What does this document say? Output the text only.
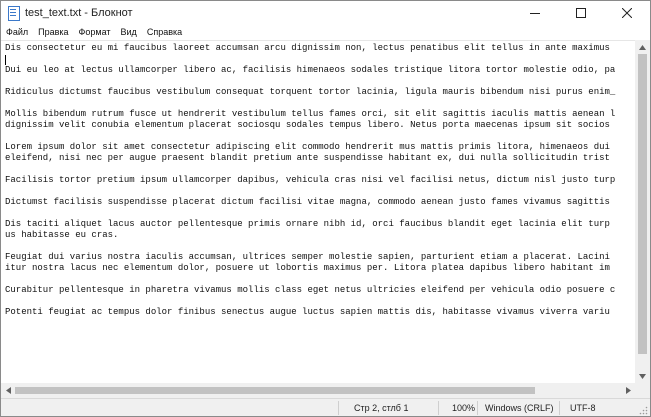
test_text.txt - Блокнот
Файл	Правка	Формат	Вид	Справка
Dis consectetur eu mi faucibus laoreet accumsan arcu dignissim non, lectus penatibus elit tellus in ante maximus
Dui eu leo at lectus ullamcorper libero ac, facilisis himenaeos sodales tristique litora tortor molestie odio, pa
Ridiculus dictumst faucibus vestibulum consequat torquent tortor lacinia, ligula mauris bibendum nisi purus enim_
Mollis bibendum rutrum fusce ut hendrerit vestibulum tellus fames orci, sit elit sagittis iaculis mattis aenean l
dignissim velit conubia elementum placerat sociosqu sodales tempus libero. Netus porta maecenas ipsum sit socios
Lorem ipsum dolor sit amet consectetur adipiscing elit commodo hendrerit mus mattis primis litora, himenaeos dui
eleifend, nisi nec per augue praesent blandit pretium ante suspendisse habitant ex, dui nulla sollicitudin trist
Facilisis tortor pretium ipsum ullamcorper dapibus, vehicula cras nisi vel facilisi netus, dictum nisl justo turp
Dictumst facilisis suspendisse placerat dictum facilisi vitae magna, commodo aenean justo fames vivamus sagittis
Dis taciti aliquet lacus auctor pellentesque primis ornare nibh id, orci faucibus blandit eget lacinia elit turp
us habitasse eu cras.
Feugiat dui varius nostra iaculis accumsan, ultrices semper molestie sapien, parturient etiam a placerat. Lacini
itur nostra lacus nec elementum dolor, posuere ut lobortis maximus per. Litora platea dapibus libero habitant im
Curabitur pellentesque in pharetra vivamus mollis class eget netus ultricies eleifend per vehicula odio posuere c
Potenti feugiat ac tempus dolor finibus senectus augue luctus sapien mattis dis, habitasse vivamus viverra variu
Стр 2, стлб 1	100% Windows (CRLF) UTF-8
